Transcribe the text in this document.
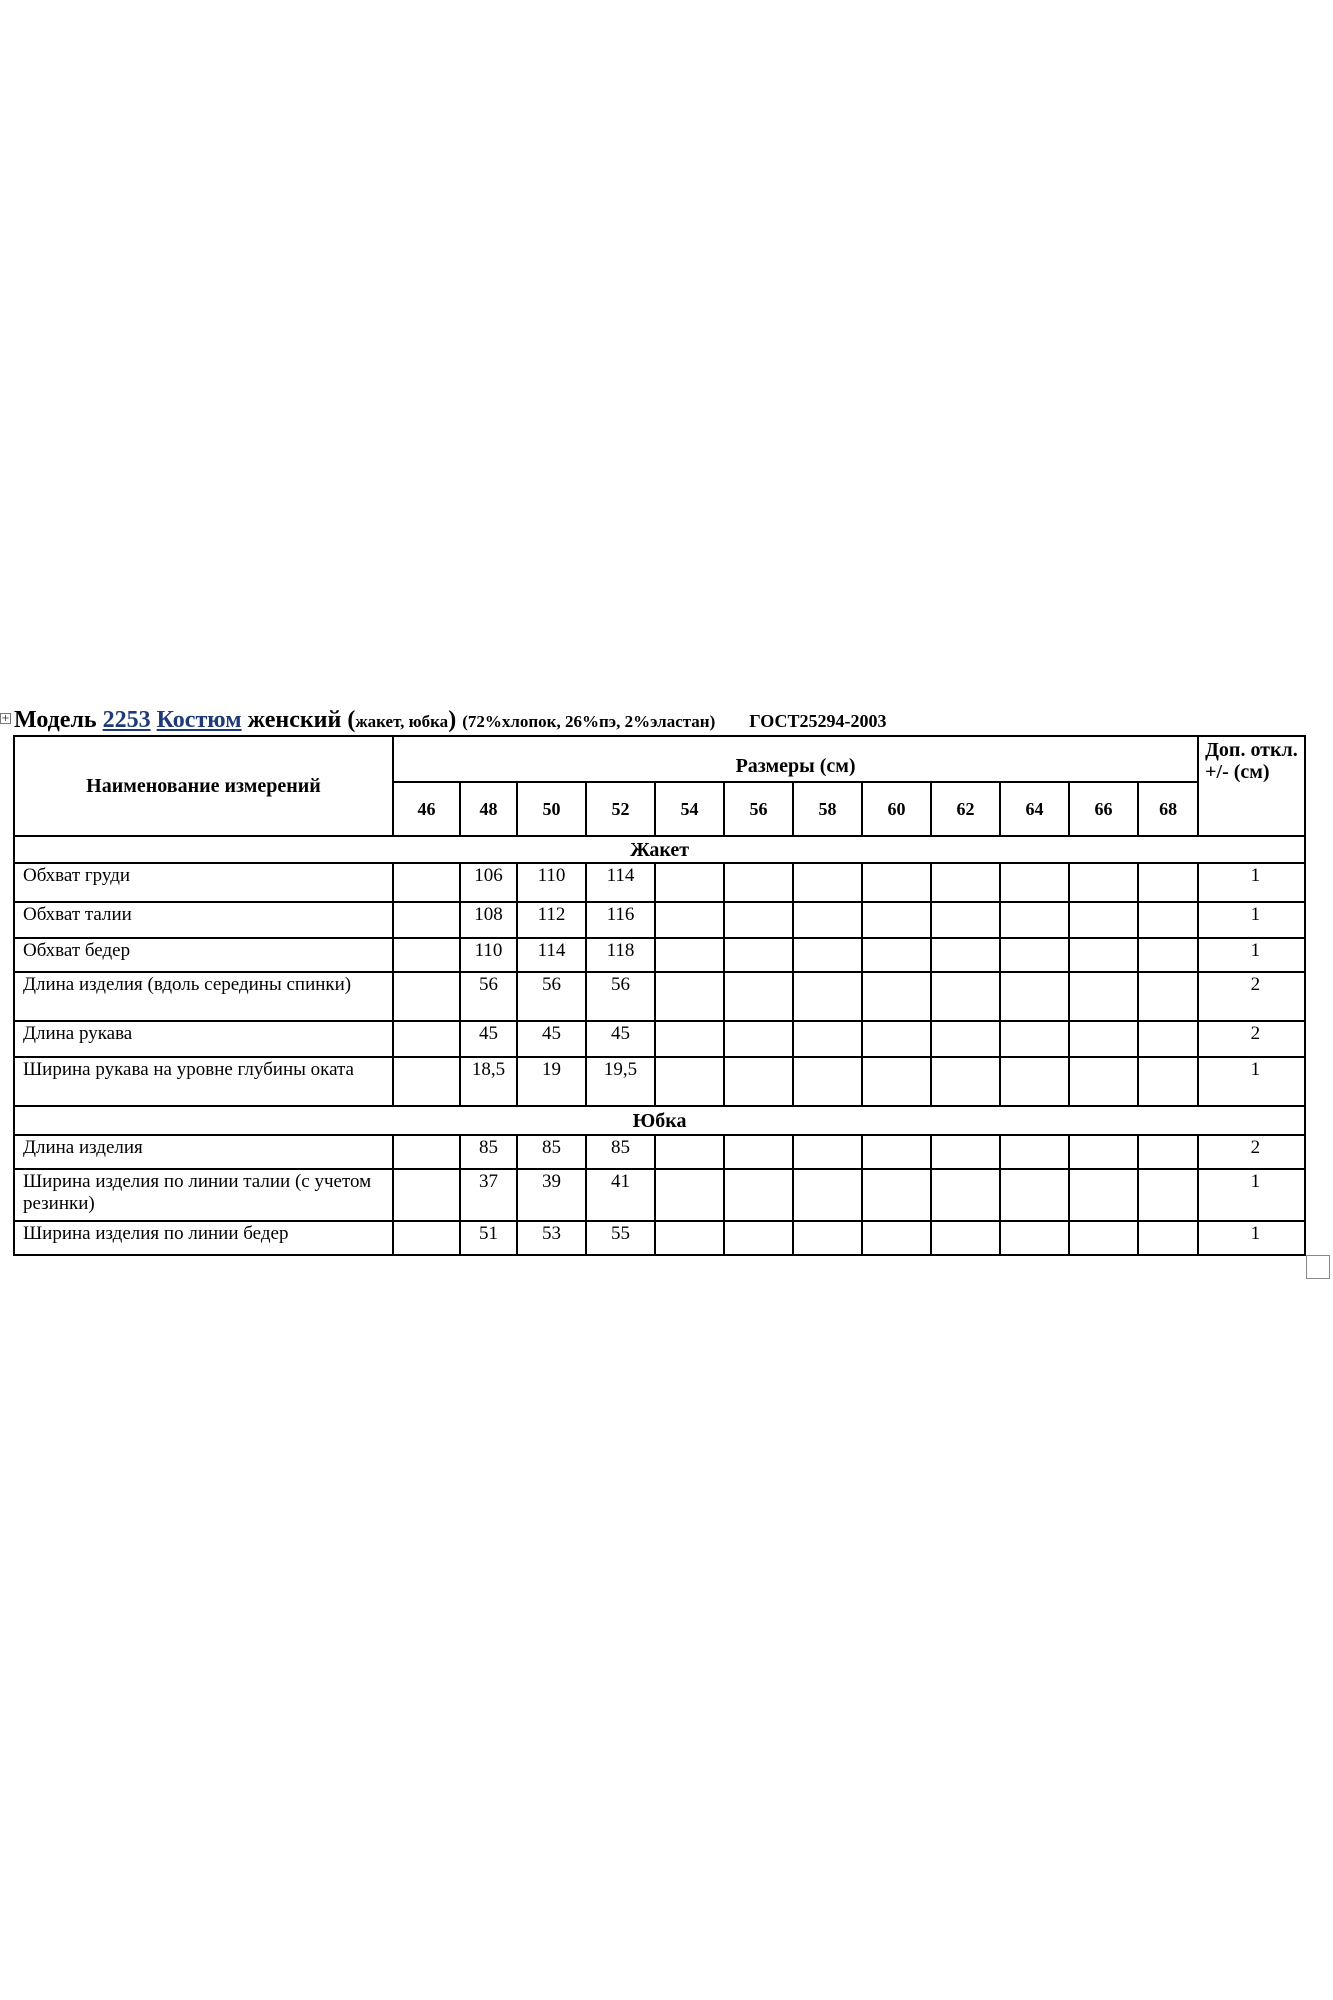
+ Модель 2253 Костюм женский (жакет, юбка) (72%хлопок, 26%пэ, 2%эластан) ГОСТ25294-2003
Наименование измерений	Размеры (см)												Доп. откл. +/- (см)
	46	48	50	52	54	56	58	60	62	64	66	68	
Жакет													
Обхват груди		106	110	114									1
Обхват талии		108	112	116									1
Обхват бедер		110	114	118									1
Длина изделия (вдоль середины спинки)		56	56	56									2
Длина рукава		45	45	45									2
Ширина рукава на уровне глубины оката		18,5	19	19,5									1
Юбка													
Длина изделия		85	85	85									2
Ширина изделия по линии талии (с учетом резинки)		37	39	41									1
Ширина изделия по линии бедер		51	53	55									1
